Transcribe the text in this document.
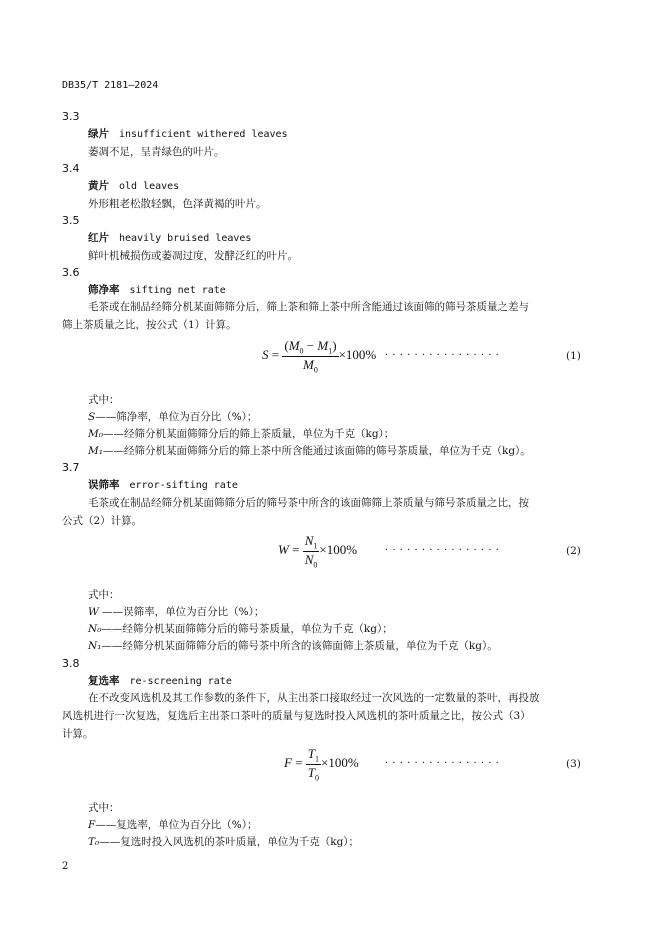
DB35/T 2181—2024
3.3
绿片 insufficient withered leaves
萎凋不足，呈青绿色的叶片。
3.4
黄片 old leaves
外形粗老松散轻飘，色泽黄褐的叶片。
3.5
红片 heavily bruised leaves
鲜叶机械损伤或萎凋过度，发酵泛红的叶片。
3.6
筛净率 sifting net rate
毛茶或在制品经筛分机某面筛筛分后，筛上茶和筛上茶中所含能通过该面筛的筛号茶质量之差与
筛上茶质量之比，按公式（1）计算。
$S = \frac{(M_0 - M_1)}{M_0} \times 100\%$ ················	(1)
式中：
S——筛净率，单位为百分比（%）；
M₀——经筛分机某面筛筛分后的筛上茶质量，单位为千克（kg）；
M₁——经筛分机某面筛筛分后的筛上茶中所含能通过该面筛的筛号茶质量，单位为千克（kg）。
3.7
误筛率 error-sifting rate
毛茶或在制品经筛分机某面筛筛分后的筛号茶中所含的该面筛筛上茶质量与筛号茶质量之比，按
公式（2）计算。
$W = \frac{N_1}{N_0} \times 100\%$	················	(2)
式中：
W ——误筛率，单位为百分比（%）；
N₀——经筛分机某面筛筛分后的筛号茶质量，单位为千克（kg）；
N₁——经筛分机某面筛筛分后的筛号茶中所含的该筛面筛上茶质量，单位为千克（kg）。
3.8
复选率 re-screening rate
在不改变风选机及其工作参数的条件下，从主出茶口接取经过一次风选的一定数量的茶叶，再投放
风选机进行一次复选，复选后主出茶口茶叶的质量与复选时投入风选机的茶叶质量之比，按公式（3）
计算。
$F = \frac{T_1}{T_0} \times 100\%$	················	(3)
式中：
F——复选率，单位为百分比（%）；
T₀——复选时投入风选机的茶叶质量，单位为千克（kg）；
2
